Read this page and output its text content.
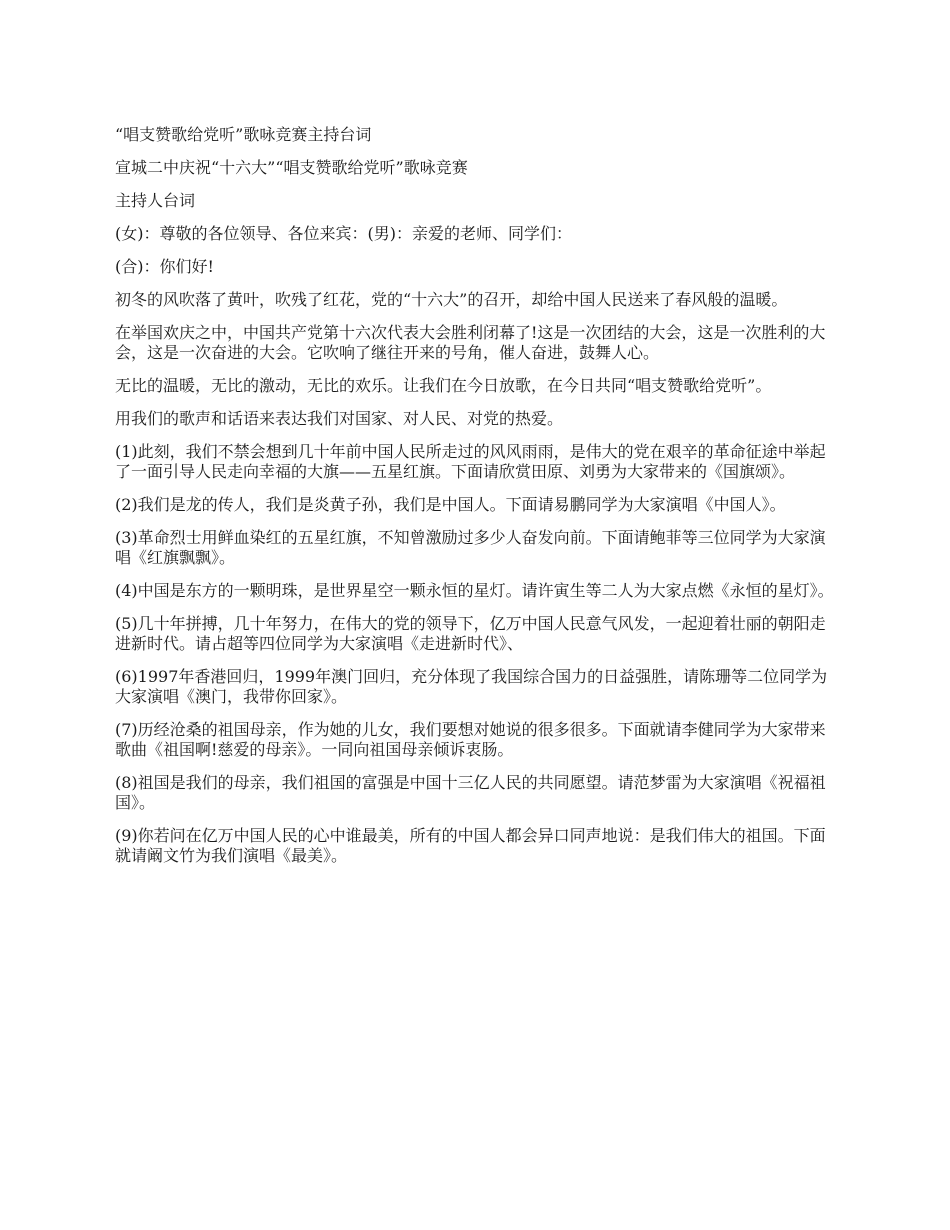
“唱支赞歌给党听”歌咏竞赛主持台词

宣城二中庆祝“十六大”“唱支赞歌给党听”歌咏竞赛

主持人台词

(女)：尊敬的各位领导、各位来宾：(男)：亲爱的老师、同学们：

(合)：你们好!

初冬的风吹落了黄叶，吹残了红花，党的“十六大”的召开，却给中国人民送来了春风般的温暖。

在举国欢庆之中，中国共产党第十六次代表大会胜利闭幕了!这是一次团结的大会，这是一次胜利的大会，这是一次奋进的大会。它吹响了继往开来的号角，催人奋进，鼓舞人心。

无比的温暖，无比的激动，无比的欢乐。让我们在今日放歌，在今日共同“唱支赞歌给党听”。

用我们的歌声和话语来表达我们对国家、对人民、对党的热爱。

(1)此刻，我们不禁会想到几十年前中国人民所走过的风风雨雨，是伟大的党在艰辛的革命征途中举起了一面引导人民走向幸福的大旗——五星红旗。下面请欣赏田原、刘勇为大家带来的《国旗颂》。

(2)我们是龙的传人，我们是炎黄子孙，我们是中国人。下面请易鹏同学为大家演唱《中国人》。

(3)革命烈士用鲜血染红的五星红旗，不知曾激励过多少人奋发向前。下面请鲍菲等三位同学为大家演唱《红旗飘飘》。

(4)中国是东方的一颗明珠，是世界星空一颗永恒的星灯。请许寅生等二人为大家点燃《永恒的星灯》。

(5)几十年拼搏，几十年努力，在伟大的党的领导下，亿万中国人民意气风发，一起迎着壮丽的朝阳走进新时代。请占超等四位同学为大家演唱《走进新时代》、

(6)1997年香港回归，1999年澳门回归，充分体现了我国综合国力的日益强胜，请陈珊等二位同学为大家演唱《澳门，我带你回家》。

(7)历经沧桑的祖国母亲，作为她的儿女，我们要想对她说的很多很多。下面就请李健同学为大家带来歌曲《祖国啊!慈爱的母亲》。一同向祖国母亲倾诉衷肠。

(8)祖国是我们的母亲，我们祖国的富强是中国十三亿人民的共同愿望。请范梦雷为大家演唱《祝福祖国》。

(9)你若问在亿万中国人民的心中谁最美，所有的中国人都会异口同声地说：是我们伟大的祖国。下面就请阚文竹为我们演唱《最美》。
